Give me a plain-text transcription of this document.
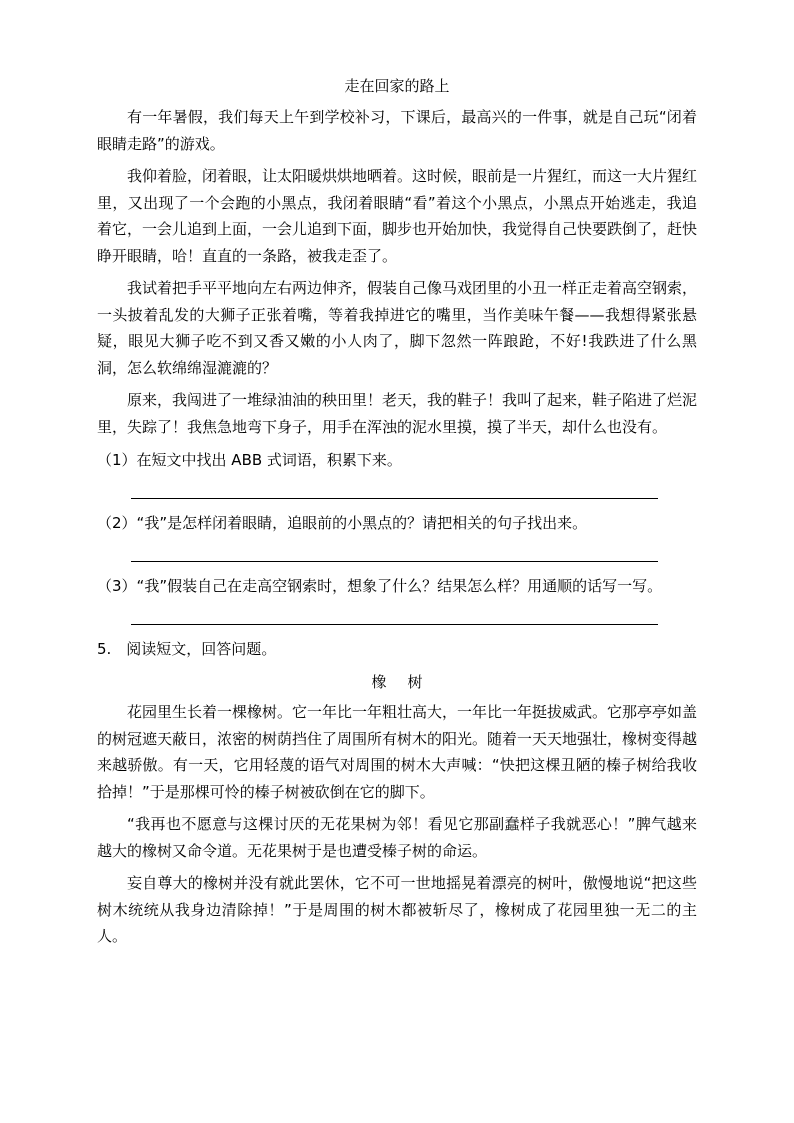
走在回家的路上

有一年暑假，我们每天上午到学校补习，下课后，最高兴的一件事，就是自己玩“闭着眼睛走路”的游戏。

我仰着脸，闭着眼，让太阳暖烘烘地晒着。这时候，眼前是一片猩红，而这一大片猩红里，又出现了一个会跑的小黑点，我闭着眼睛“看”着这个小黑点，小黑点开始逃走，我追着它，一会儿追到上面，一会儿追到下面，脚步也开始加快，我觉得自己快要跌倒了，赶快睁开眼睛，哈！直直的一条路，被我走歪了。

我试着把手平平地向左右两边伸齐，假装自己像马戏团里的小丑一样正走着高空钢索，一头披着乱发的大狮子正张着嘴，等着我掉进它的嘴里，当作美味午餐——我想得紧张悬疑，眼见大狮子吃不到又香又嫩的小人肉了，脚下忽然一阵踉跄，不好!我跌进了什么黑洞，怎么软绵绵湿漉漉的？

原来，我闯进了一堆绿油油的秧田里！老天，我的鞋子！我叫了起来，鞋子陷进了烂泥里，失踪了！我焦急地弯下身子，用手在浑浊的泥水里摸，摸了半天，却什么也没有。

（1）在短文中找出 ABB 式词语，积累下来。

（2）“我”是怎样闭着眼睛，追眼前的小黑点的？请把相关的句子找出来。

（3）“我”假装自己在走高空钢索时，想象了什么？结果怎么样？用通顺的话写一写。

5.　阅读短文，回答问题。

橡树

花园里生长着一棵橡树。它一年比一年粗壮高大，一年比一年挺拔威武。它那亭亭如盖的树冠遮天蔽日，浓密的树荫挡住了周围所有树木的阳光。随着一天天地强壮，橡树变得越来越骄傲。有一天，它用轻蔑的语气对周围的树木大声喊：“快把这棵丑陋的榛子树给我收拾掉！”于是那棵可怜的榛子树被砍倒在它的脚下。

“我再也不愿意与这棵讨厌的无花果树为邻！看见它那副蠢样子我就恶心！”脾气越来越大的橡树又命令道。无花果树于是也遭受榛子树的命运。

妄自尊大的橡树并没有就此罢休，它不可一世地摇晃着漂亮的树叶，傲慢地说“把这些树木统统从我身边清除掉！”于是周围的树木都被斩尽了，橡树成了花园里独一无二的主人。
